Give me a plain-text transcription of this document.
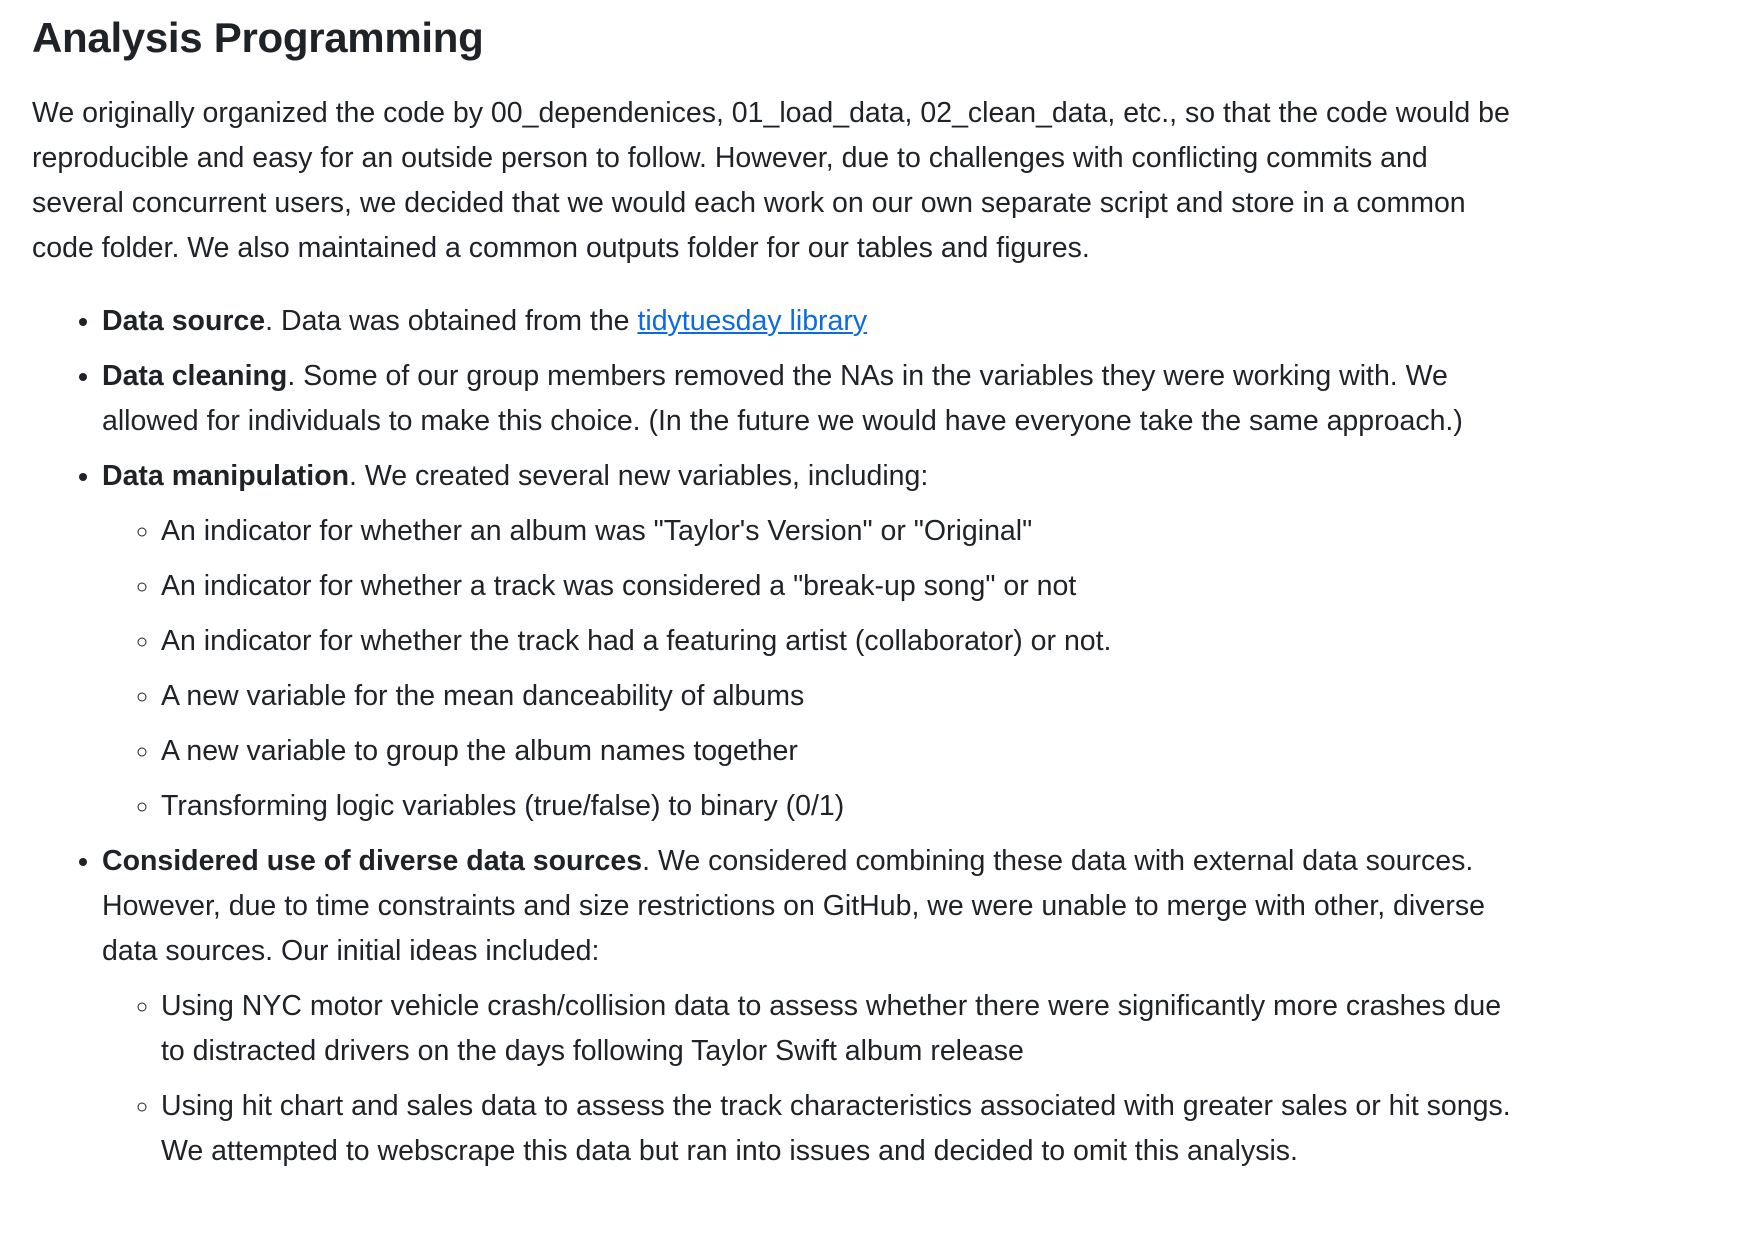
Analysis Programming

We originally organized the code by 00_dependenices, 01_load_data, 02_clean_data, etc., so that the code would be reproducible and easy for an outside person to follow. However, due to challenges with conflicting commits and several concurrent users, we decided that we would each work on our own separate script and store in a common code folder. We also maintained a common outputs folder for our tables and figures.

• Data source. Data was obtained from the tidytuesday library
• Data cleaning. Some of our group members removed the NAs in the variables they were working with. We allowed for individuals to make this choice. (In the future we would have everyone take the same approach.)
• Data manipulation. We created several new variables, including:
◦ An indicator for whether an album was "Taylor's Version" or "Original"
◦ An indicator for whether a track was considered a "break-up song" or not
◦ An indicator for whether the track had a featuring artist (collaborator) or not.
◦ A new variable for the mean danceability of albums
◦ A new variable to group the album names together
◦ Transforming logic variables (true/false) to binary (0/1)
• Considered use of diverse data sources. We considered combining these data with external data sources. However, due to time constraints and size restrictions on GitHub, we were unable to merge with other, diverse data sources. Our initial ideas included:
◦ Using NYC motor vehicle crash/collision data to assess whether there were significantly more crashes due to distracted drivers on the days following Taylor Swift album release
◦ Using hit chart and sales data to assess the track characteristics associated with greater sales or hit songs. We attempted to webscrape this data but ran into issues and decided to omit this analysis.
